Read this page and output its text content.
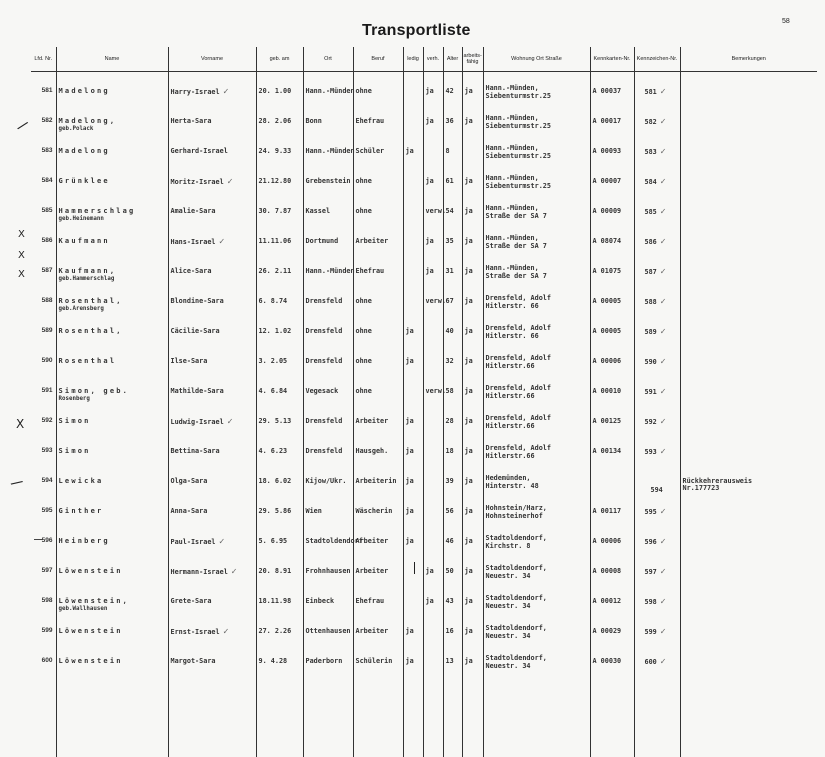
Transportliste
58
Lfd. Nr.	Name	Vorname	geb. am	Ort	Beruf	ledig	verh.	Alter	arbeits-fähig	Wohnung Ort Straße	Kennkarten-Nr.	Kennzeichen-Nr.	Bemerkungen

581	Madelong	Harry-Israel ✓	20. 1.00	Hann.-Münden	ohne		ja	42	ja	Hann.-Münden,
Siebenturmstr.25	A 00037	581 ✓	
582	Madelong,
geb.Polack	Herta-Sara	28. 2.06	Bonn	Ehefrau		ja	36	ja	Hann.-Münden,
Siebenturmstr.25	A 00017	582 ✓	
583	Madelong	Gerhard-Israel	24. 9.33	Hann.-Münden	Schüler	ja		8		Hann.-Münden,
Siebenturmstr.25	A 00093	583 ✓	
584	Grünklee	Moritz-Israel ✓	21.12.80	Grebenstein	ohne		ja	61	ja	Hann.-Münden,
Siebenturmstr.25	A 00007	584 ✓	
585	Hammerschlag
geb.Heinemann	Amalie-Sara	30. 7.87	Kassel	ohne		verw.	54	ja	Hann.-Münden,
Straße der SA 7	A 00009	585 ✓	
586	Kaufmann	Hans-Israel ✓	11.11.06	Dortmund	Arbeiter		ja	35	ja	Hann.-Münden,
Straße der SA 7	A 08074	586 ✓	
587	Kaufmann,
geb.Hammerschlag	Alice-Sara	26. 2.11	Hann.-Münden	Ehefrau		ja	31	ja	Hann.-Münden,
Straße der SA 7	A 01075	587 ✓	
588	Rosenthal,
geb.Arensberg	Blondine-Sara	6. 8.74	Drensfeld	ohne		verw.	67	ja	Drensfeld, Adolf
Hitlerstr. 66	A 00005	588 ✓	
589	Rosenthal,	Cäcilie-Sara	12. 1.02	Drensfeld	ohne	ja		40	ja	Drensfeld, Adolf
Hitlerstr. 66	A 00005	589 ✓	
590	Rosenthal	Ilse-Sara	3. 2.05	Drensfeld	ohne	ja		32	ja	Drensfeld, Adolf
Hitlerstr.66	A 00006	590 ✓	
591	Simon, geb.
Rosenberg	Mathilde-Sara	4. 6.84	Vegesack	ohne		verw.	58	ja	Drensfeld, Adolf
Hitlerstr.66	A 00010	591 ✓	
592	Simon	Ludwig-Israel ✓	29. 5.13	Drensfeld	Arbeiter	ja		28	ja	Drensfeld, Adolf
Hitlerstr.66	A 00125	592 ✓	
593	Simon	Bettina-Sara	4. 6.23	Drensfeld	Hausgeh.	ja		18	ja	Drensfeld, Adolf
Hitlerstr.66	A 00134	593 ✓	
594	Lewicka	Olga-Sara	18. 6.02	Kijow/Ukr.	Arbeiterin	ja		39	ja	Hedemünden,
Hinterstr. 48		594	Rückkehrerausweis
Nr.177723
595	Ginther	Anna-Sara	29. 5.86	Wien	Wäscherin	ja		56	ja	Hohnstein/Harz,
Hohnsteinerhof	A 00117	595 ✓	
596	Heinberg	Paul-Israel ✓	5. 6.95	Stadtoldendorf	Arbeiter	ja		46	ja	Stadtoldendorf,
Kirchstr. 8	A 00006	596 ✓	
597	Löwenstein	Hermann-Israel ✓	20. 8.91	Frohnhausen	Arbeiter		ja	50	ja	Stadtoldendorf,
Neuestr. 34	A 00008	597 ✓	
598	Löwenstein,
geb.Wallhausen	Grete-Sara	18.11.98	Einbeck	Ehefrau		ja	43	ja	Stadtoldendorf,
Neuestr. 34	A 00012	598 ✓	
599	Löwenstein	Ernst-Israel ✓	27. 2.26	Ottenhausen	Arbeiter	ja		16	ja	Stadtoldendorf,
Neuestr. 34	A 00029	599 ✓	
600	Löwenstein	Margot-Sara	9. 4.28	Paderborn	Schülerin	ja		13	ja	Stadtoldendorf,
Neuestr. 34	A 00030	600 ✓	

/
X
X
X
X
/
